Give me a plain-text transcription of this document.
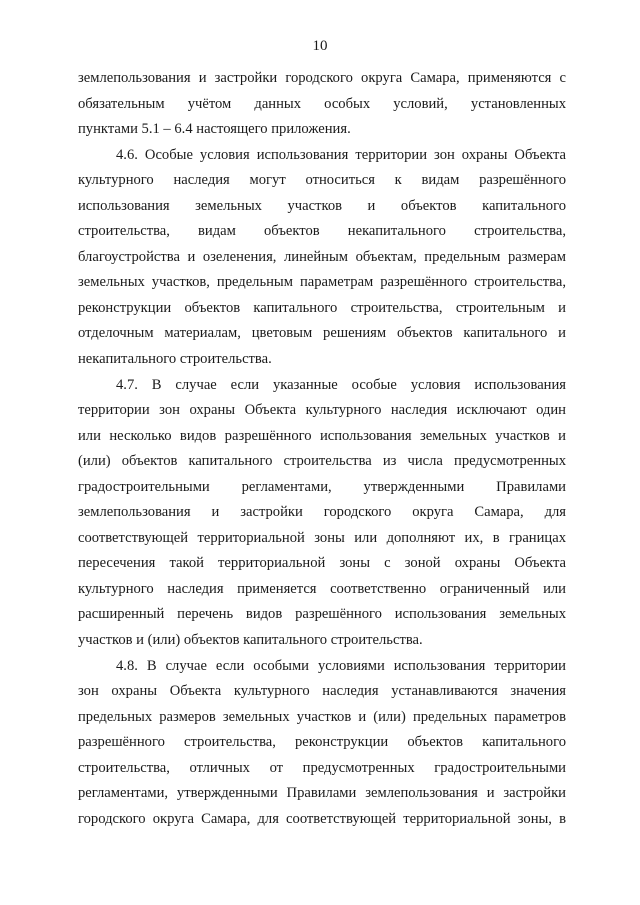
10
землепользования и застройки городского округа Самара, применяются с
обязательным учётом данных особых условий, установленных
пунктами 5.1 – 6.4 настоящего приложения.
4.6. Особые условия использования территории зон охраны Объекта
культурного наследия могут относиться к видам разрешённого
использования земельных участков и объектов капитального
строительства, видам объектов некапитального строительства,
благоустройства и озеленения, линейным объектам, предельным размерам
земельных участков, предельным параметрам разрешённого строительства,
реконструкции объектов капитального строительства, строительным и
отделочным материалам, цветовым решениям объектов капитального и
некапитального строительства.
4.7. В случае если указанные особые условия использования
территории зон охраны Объекта культурного наследия исключают один
или несколько видов разрешённого использования земельных участков и
(или) объектов капитального строительства из числа предусмотренных
градостроительными регламентами, утвержденными Правилами
землепользования и застройки городского округа Самара, для
соответствующей территориальной зоны или дополняют их, в границах
пересечения такой территориальной зоны с зоной охраны Объекта
культурного наследия применяется соответственно ограниченный или
расширенный перечень видов разрешённого использования земельных
участков и (или) объектов капитального строительства.
4.8. В случае если особыми условиями использования территории
зон охраны Объекта культурного наследия устанавливаются значения
предельных размеров земельных участков и (или) предельных параметров
разрешённого строительства, реконструкции объектов капитального
строительства, отличных от предусмотренных градостроительными
регламентами, утвержденными Правилами землепользования и застройки
городского округа Самара, для соответствующей территориальной зоны, в
